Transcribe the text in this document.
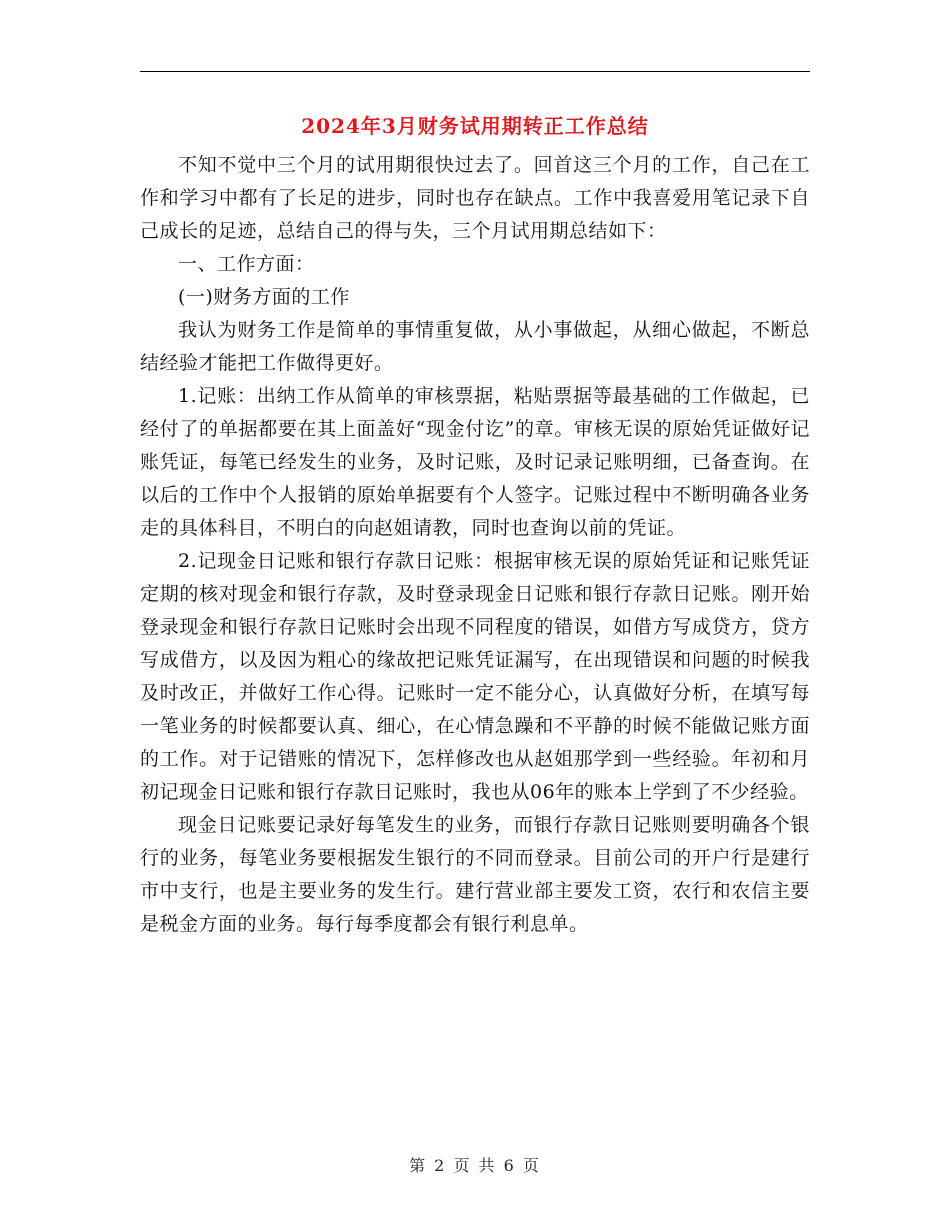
2024年3月财务试用期转正工作总结

不知不觉中三个月的试用期很快过去了。回首这三个月的工作，自己在工作和学习中都有了长足的进步，同时也存在缺点。工作中我喜爱用笔记录下自己成长的足迹，总结自己的得与失，三个月试用期总结如下：

一、工作方面：

(一)财务方面的工作

我认为财务工作是简单的事情重复做，从小事做起，从细心做起，不断总结经验才能把工作做得更好。

1.记账：出纳工作从简单的审核票据，粘贴票据等最基础的工作做起，已经付了的单据都要在其上面盖好“现金付讫”的章。审核无误的原始凭证做好记账凭证，每笔已经发生的业务，及时记账，及时记录记账明细，已备查询。在以后的工作中个人报销的原始单据要有个人签字。记账过程中不断明确各业务走的具体科目，不明白的向赵姐请教，同时也查询以前的凭证。

2.记现金日记账和银行存款日记账：根据审核无误的原始凭证和记账凭证定期的核对现金和银行存款，及时登录现金日记账和银行存款日记账。刚开始登录现金和银行存款日记账时会出现不同程度的错误，如借方写成贷方，贷方写成借方，以及因为粗心的缘故把记账凭证漏写，在出现错误和问题的时候我及时改正，并做好工作心得。记账时一定不能分心，认真做好分析，在填写每一笔业务的时候都要认真、细心，在心情急躁和不平静的时候不能做记账方面的工作。对于记错账的情况下，怎样修改也从赵姐那学到一些经验。年初和月初记现金日记账和银行存款日记账时，我也从06年的账本上学到了不少经验。

现金日记账要记录好每笔发生的业务，而银行存款日记账则要明确各个银行的业务，每笔业务要根据发生银行的不同而登录。目前公司的开户行是建行市中支行，也是主要业务的发生行。建行营业部主要发工资，农行和农信主要是税金方面的业务。每行每季度都会有银行利息单。

第 2 页 共 6 页
